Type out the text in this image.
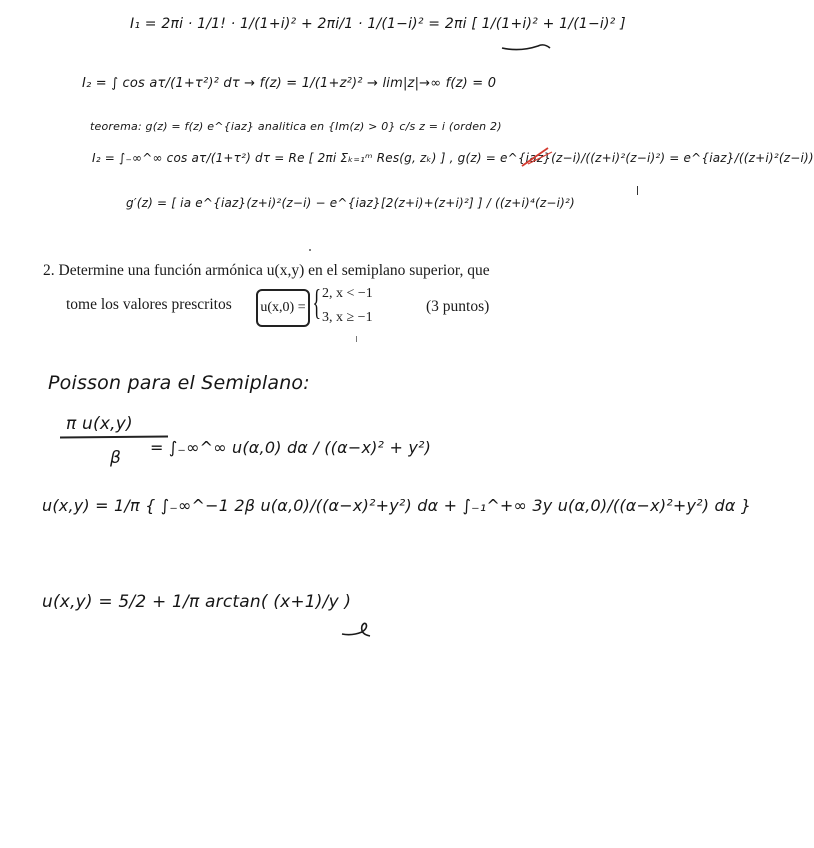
I₁ = 2πi · 1/1! · 1/(1+i)² + 2πi/1 · 1/(1−i)² = 2πi [ 1/(1+i)² + 1/(1−i)² ]
I₂ = ∫ cos aτ/(1+τ²)² dτ → f(z) = 1/(1+z²)² → lim|z|→∞ f(z) = 0
teorema: g(z) = f(z) e^{iaz} analitica en {Im(z) > 0} c/s z = i (orden 2)
I₂ = ∫₋∞^∞ cos aτ/(1+τ²) dτ = Re [ 2πi Σₖ₌₁ᵐ Res(g, zₖ) ] , g(z) = e^{iaz}(z−i)/((z+i)²(z−i)²) = e^{iaz}/((z+i)²(z−i))
g′(z) = [ ia e^{iaz}(z+i)²(z−i) − e^{iaz}[2(z+i)+(z+i)²] ] / ((z+i)⁴(z−i)²)
2. Determine una función armónica u(x,y) en el semiplano superior, que
tome los valores prescritos u(x,0) = { 2, x < −1
3, x ≥ −1
(3 puntos)
Poisson para el Semiplano:
π u(x,y)
β
= ∫₋∞^∞ u(α,0) dα / ((α−x)² + y²)
u(x,y) = 1/π { ∫₋∞^−1 2β u(α,0)/((α−x)²+y²) dα + ∫₋₁^+∞ 3y u(α,0)/((α−x)²+y²) dα }
u(x,y) = 5/2 + 1/π arctan( (x+1)/y )
